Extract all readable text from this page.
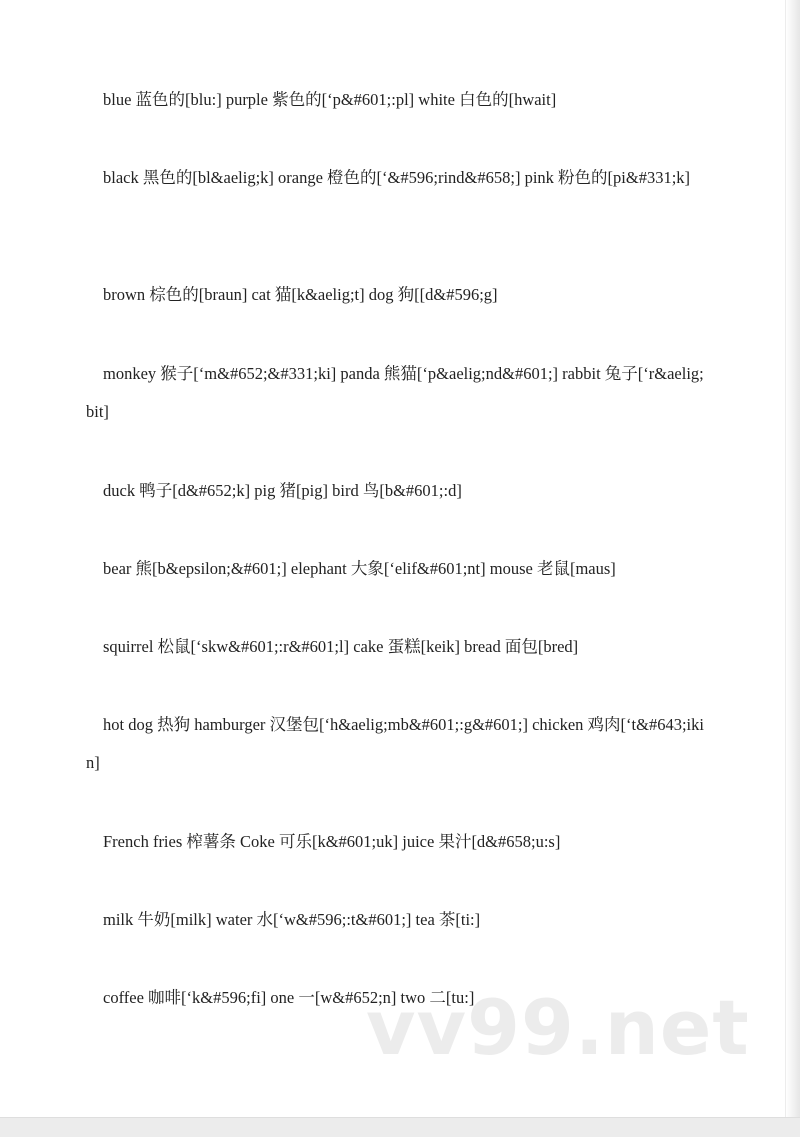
blue 蓝色的[blu:] purple 紫色的[‘p&#601;:pl] white 白色的[hwait]

black 黑色的[bl&aelig;k] orange 橙色的[‘&#596;rind&#658;] pink 粉色的[pi&#331;k]

brown 棕色的[braun] cat 猫[k&aelig;t] dog 狗[[d&#596;g]

monkey 猴子[‘m&#652;&#331;ki] panda 熊猫[‘p&aelig;nd&#601;] rabbit 兔子[‘r&aelig;bit]

duck 鸭子[d&#652;k] pig 猪[pig] bird 鸟[b&#601;:d]

bear 熊[b&epsilon;&#601;] elephant 大象[‘elif&#601;nt] mouse 老鼠[maus]

squirrel 松鼠[‘skw&#601;:r&#601;l] cake 蛋糕[keik] bread 面包[bred]

hot dog 热狗 hamburger 汉堡包[‘h&aelig;mb&#601;:g&#601;] chicken 鸡肉[‘t&#643;ikin]

French fries 榨薯条 Coke 可乐[k&#601;uk] juice 果汁[d&#658;u:s]

milk 牛奶[milk] water 水[‘w&#596;:t&#601;] tea 茶[ti:]

coffee 咖啡[‘k&#596;fi] one 一[w&#652;n] two 二[tu:]

vv99.net
